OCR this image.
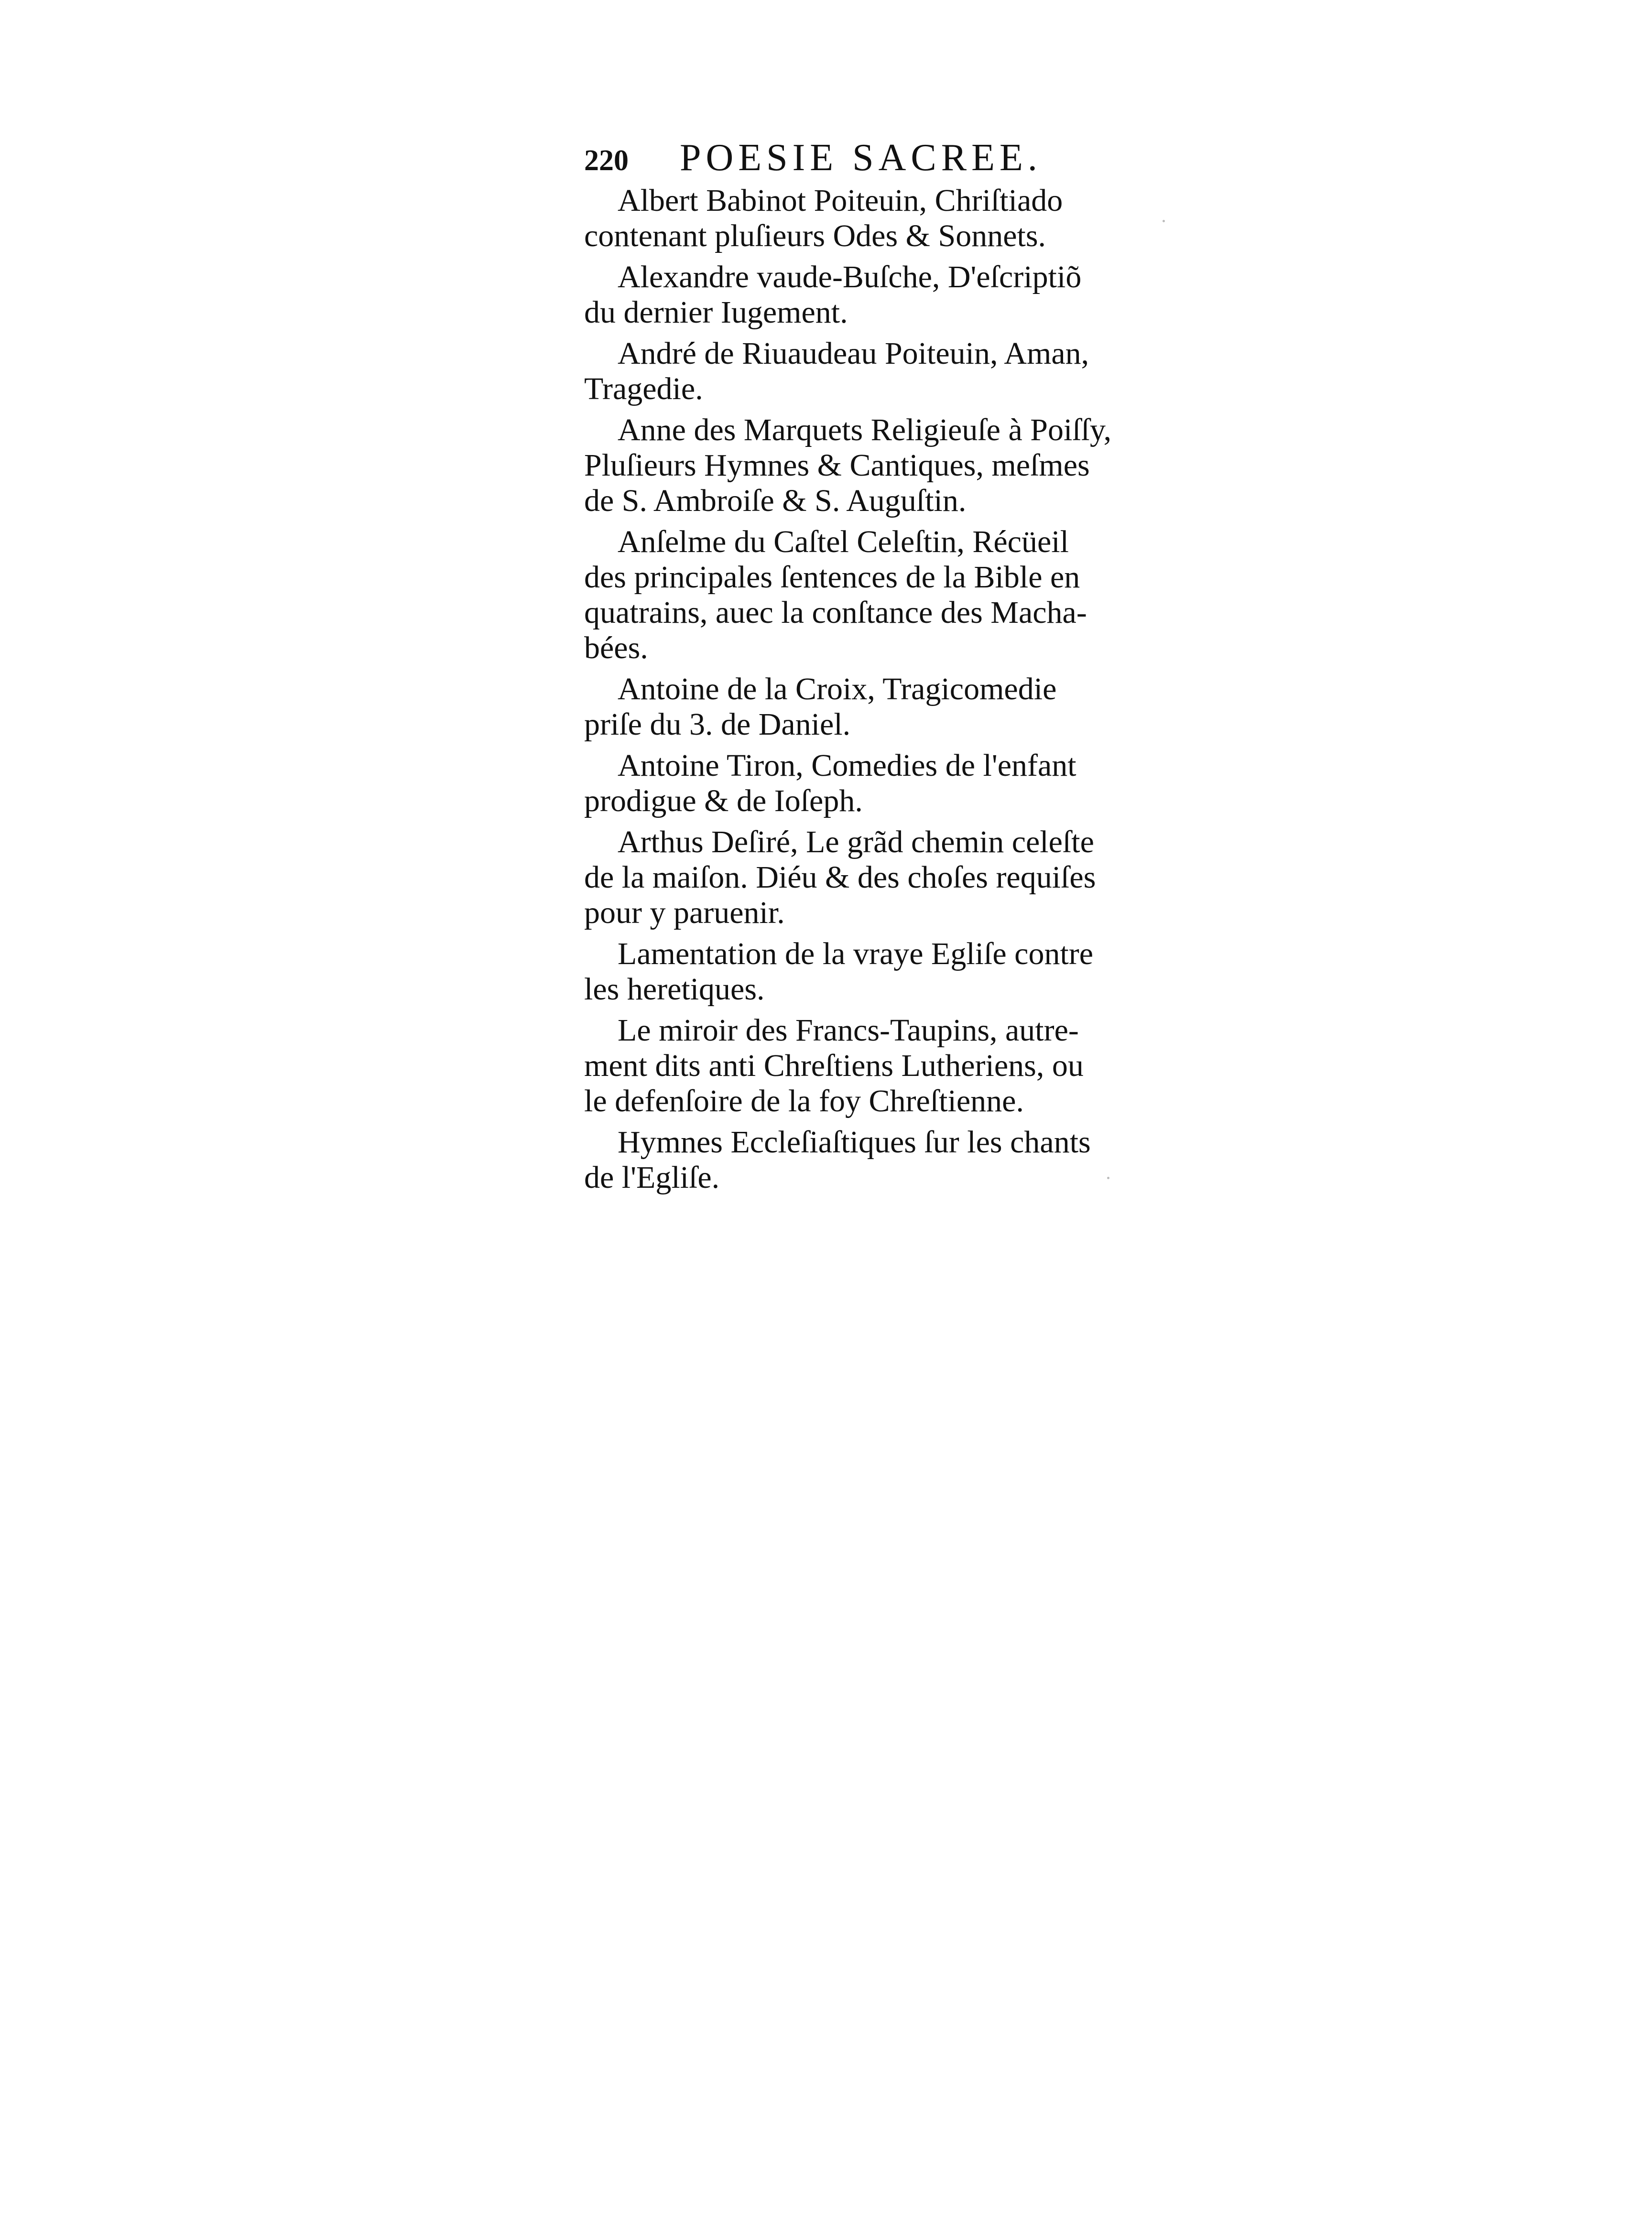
220	POESIE SACREE.
Albert Babinot Poiteuin, Chriſtiado
contenant pluſieurs Odes & Sonnets.
Alexandre vaude-Buſche, D'eſcriptiõ
du dernier Iugement.
André de Riuaudeau Poiteuin, Aman,
Tragedie.
Anne des Marquets Religieuſe à Poiſſy,
Pluſieurs Hymnes & Cantiques, meſmes
de S. Ambroiſe & S. Auguſtin.
Anſelme du Caſtel Celeſtin, Récüeil
des principales ſentences de la Bible en
quatrains, auec la conſtance des Macha-
bées.
Antoine de la Croix, Tragicomedie
priſe du 3. de Daniel.
Antoine Tiron, Comedies de l'enfant
prodigue & de Ioſeph.
Arthus Deſiré, Le grãd chemin celeſte
de la maiſon. Diéu & des choſes requiſes
pour y paruenir.
Lamentation de la vraye Egliſe contre
les heretiques.
Le miroir des Francs-Taupins, autre-
ment dits anti Chreſtiens Lutheriens, ou
le defenſoire de la foy Chreſtienne.
Hymnes Eccleſiaſtiques ſur les chants
de l'Egliſe.
